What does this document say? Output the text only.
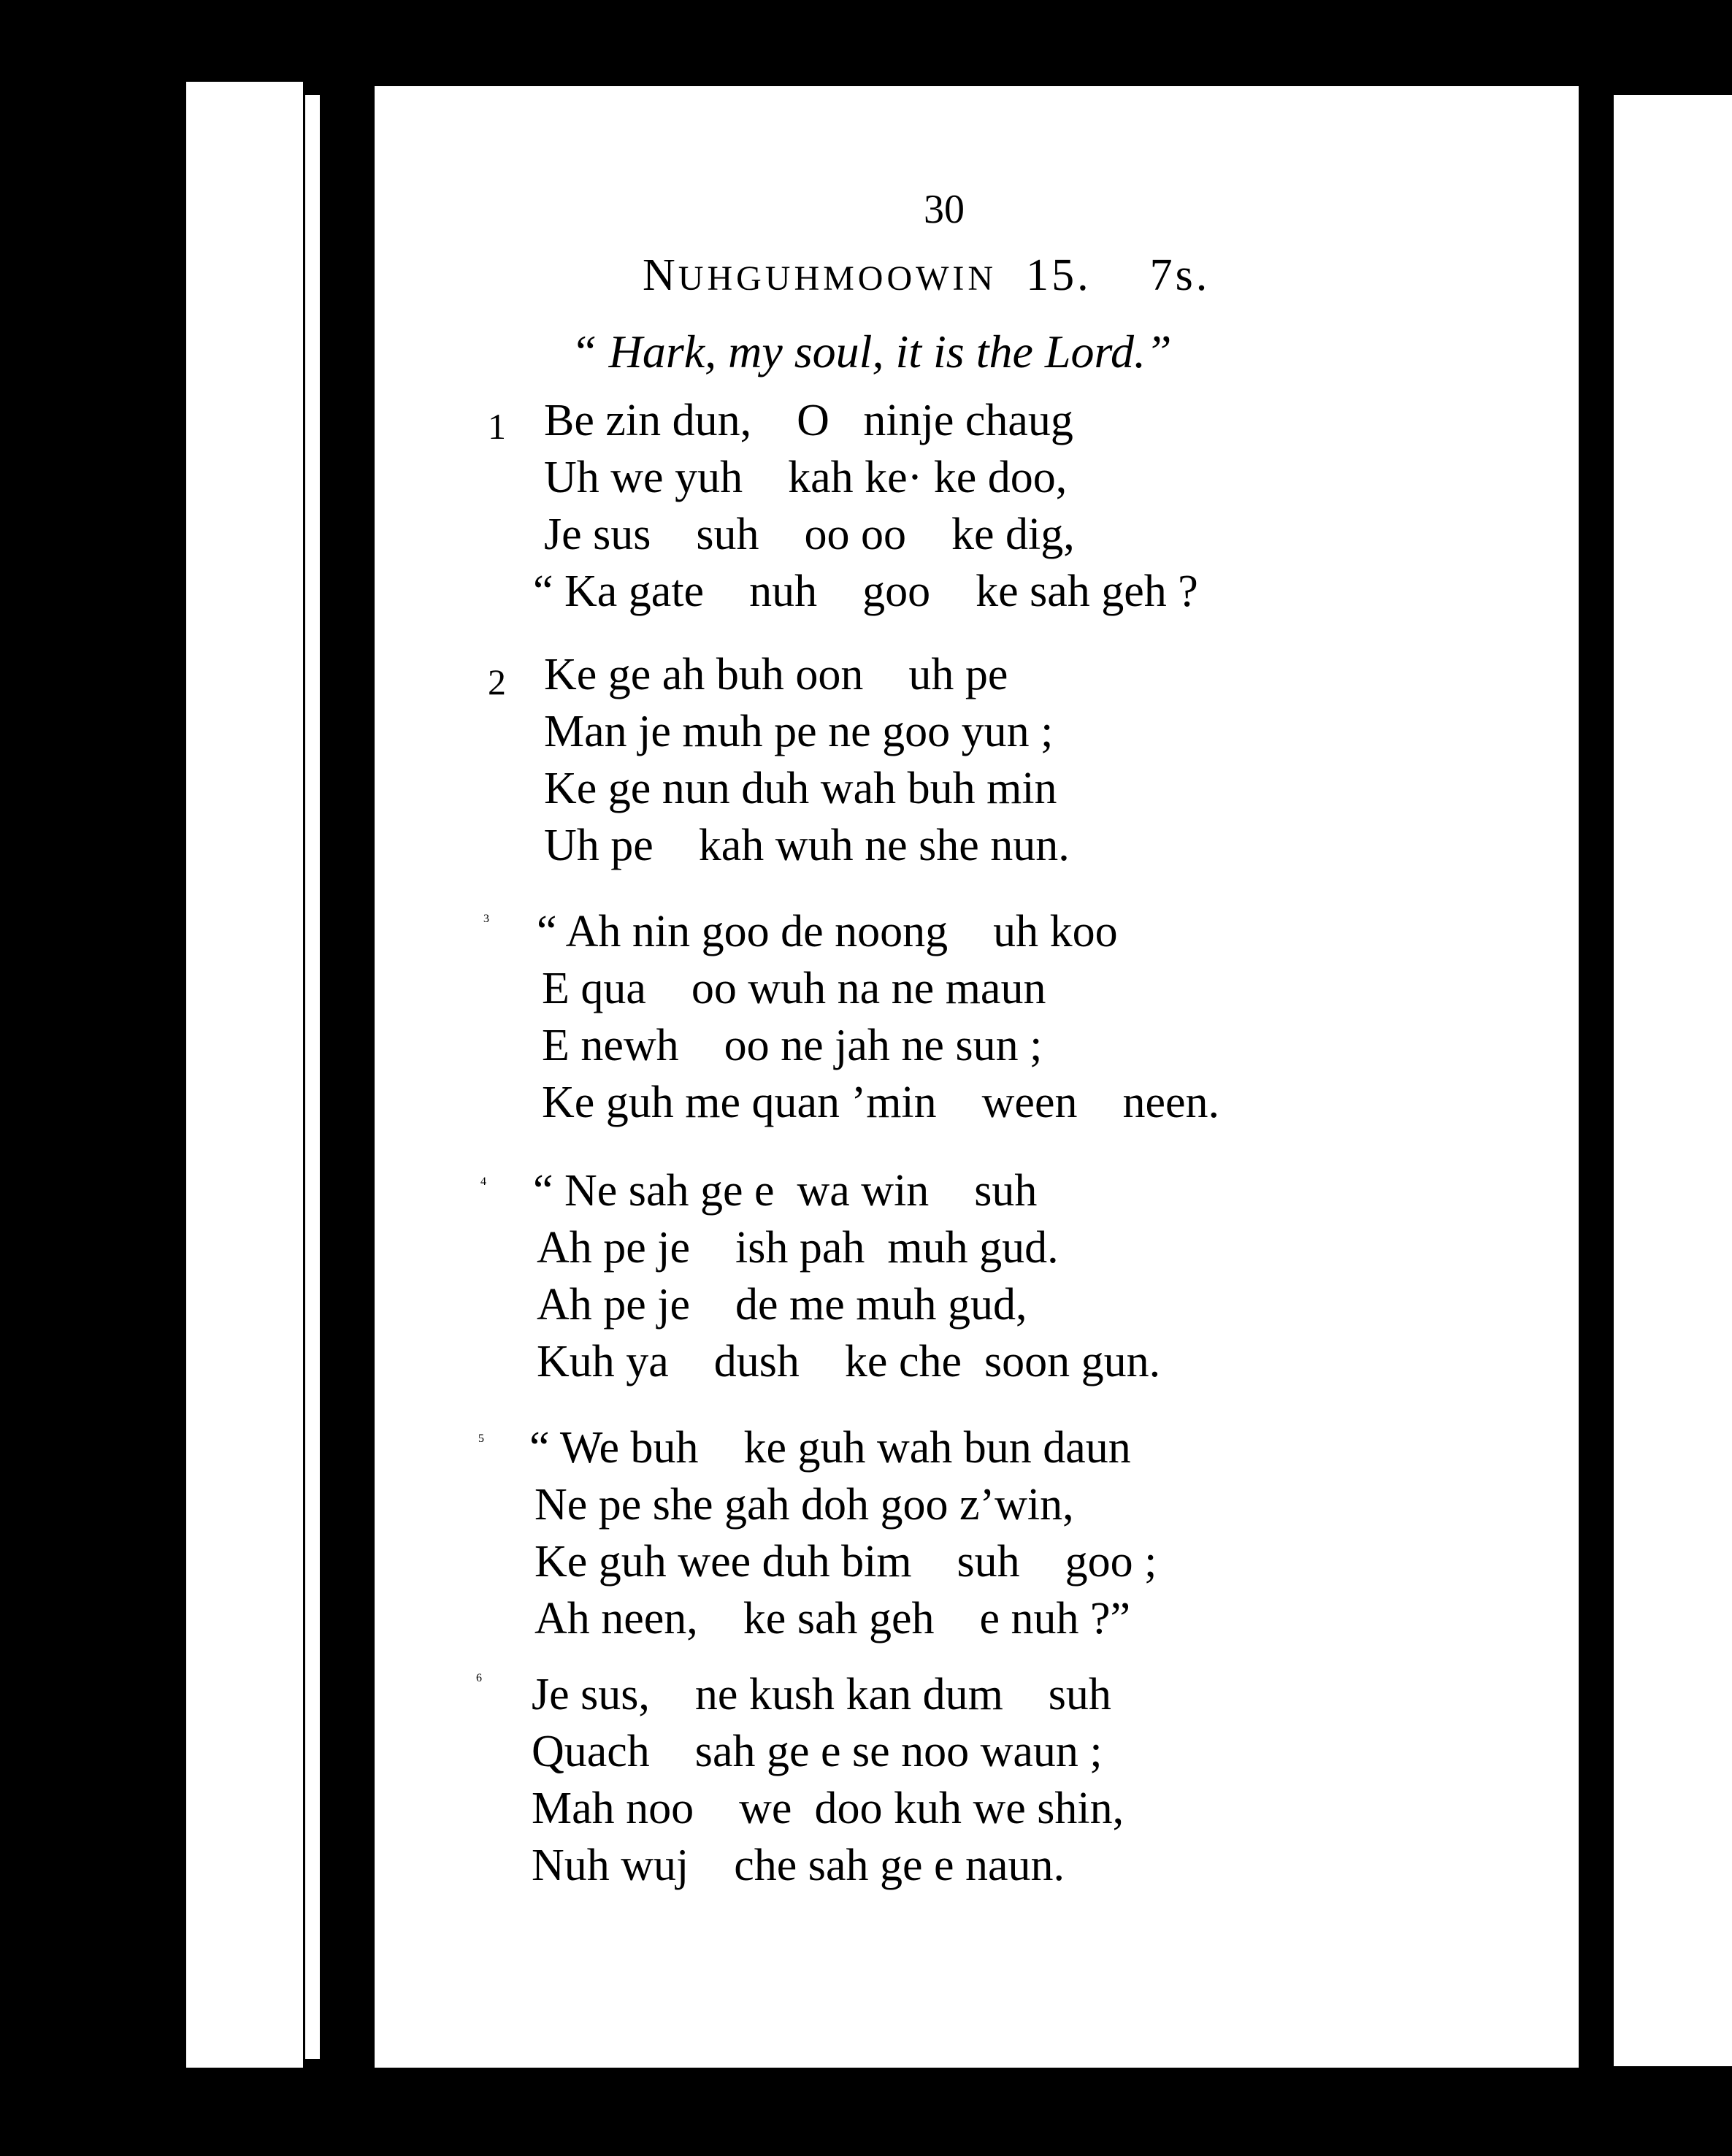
30
NUHGUHMOOWIN 15. 7s.
“ Hark, my soul, it is the Lord.”
1 Be zin dun,    O   ninje chaug
Uh we yuh    kah ke· ke doo,
Je sus    suh    oo oo    ke dig,
“ Ka gate    nuh    goo    ke sah geh ?
2 Ke ge ah buh oon    uh pe
Man je muh pe ne goo yun ;
Ke ge nun duh wah buh min
Uh pe    kah wuh ne she nun.
3 “ Ah nin goo de noong    uh koo
E qua    oo wuh na ne maun
E newh    oo ne jah ne sun ;
Ke guh me quan ’min    ween    neen.
4 “ Ne sah ge e  wa win    suh
Ah pe je    ish pah  muh gud.
Ah pe je    de me muh gud,
Kuh ya    dush    ke che  soon gun.
5 “ We buh    ke guh wah bun daun
Ne pe she gah doh goo z’win,
Ke guh wee duh bim    suh    goo ;
Ah neen,    ke sah geh    e nuh ?”
6 Je sus,    ne kush kan dum    suh
Quach    sah ge e se noo waun ;
Mah noo    we  doo kuh we shin,
Nuh wuj    che sah ge e naun.
